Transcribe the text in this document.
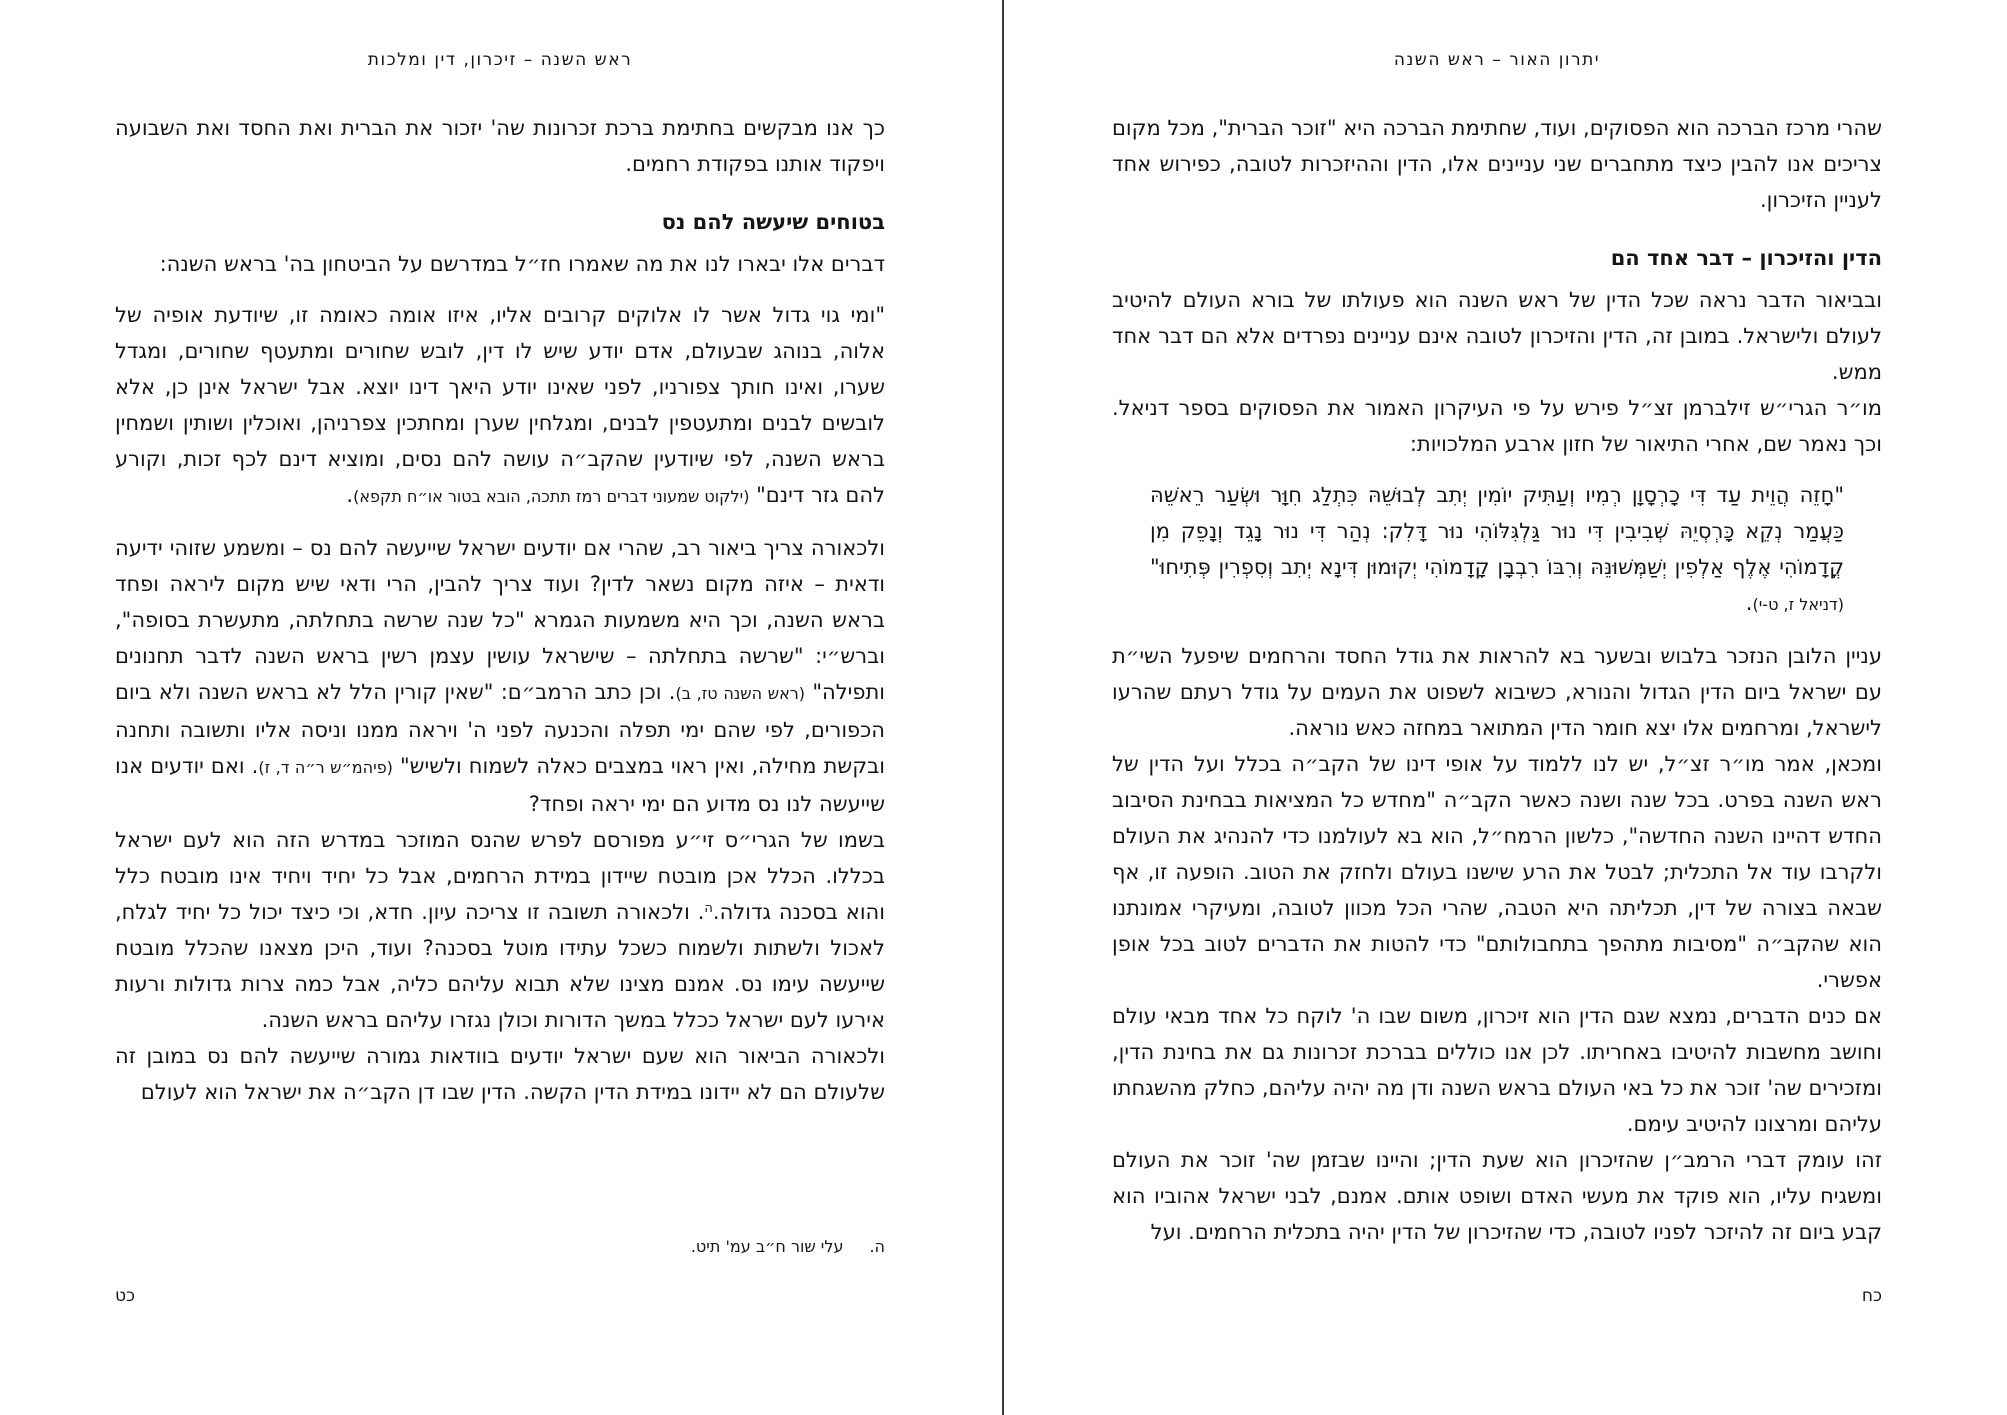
יתרון האור – ראש השנה

שהרי מרכז הברכה הוא הפסוקים, ועוד, שחתימת הברכה היא "זוכר הברית", מכל מקום צריכים אנו להבין כיצד מתחברים שני עניינים אלו, הדין וההיזכרות לטובה, כפירוש אחד לעניין הזיכרון.

הדין והזיכרון – דבר אחד הם

ובביאור הדבר נראה שכל הדין של ראש השנה הוא פעולתו של בורא העולם להיטיב לעולם ולישראל. במובן זה, הדין והזיכרון לטובה אינם עניינים נפרדים אלא הם דבר אחד ממש.

מו״ר הגרי״ש זילברמן זצ״ל פירש על פי העיקרון האמור את הפסוקים בספר דניאל. וכך נאמר שם, אחרי התיאור של חזון ארבע המלכויות:

"חָזֵה הֲוֵית עַד דִּי כָרְסָוָן רְמִיו וְעַתִּיק יוֹמִין יְתִב לְבוּשֵׁהּ כִּתְלַג חִוָּר וּשְׂעַר רֵאשֵׁהּ כַּעֲמַר נְקֵא כָּרְסְיֵהּ שְׁבִיבִין דִּי נוּר גַּלְגִּלּוֹהִי נוּר דָּלִק: נְהַר דִּי נוּר נָגֵד וְנָפֵק מִן קֳדָמוֹהִי אֶלֶף אַלְפִין יְשַׁמְּשׁוּנֵּהּ וְרִבּוֹ רִבְבָן קָדָמוֹהִי יְקוּמוּן דִּינָא יְתִב וְסִפְרִין פְּתִיחוּ" (דניאל ז, ט-י).

עניין הלובן הנזכר בלבוש ובשער בא להראות את גודל החסד והרחמים שיפעל השי״ת עם ישראל ביום הדין הגדול והנורא, כשיבוא לשפוט את העמים על גודל רעתם שהרעו לישראל, ומרחמים אלו יצא חומר הדין המתואר במחזה כאש נוראה.

ומכאן, אמר מו״ר זצ״ל, יש לנו ללמוד על אופי דינו של הקב״ה בכלל ועל הדין של ראש השנה בפרט. בכל שנה ושנה כאשר הקב״ה "מחדש כל המציאות בבחינת הסיבוב החדש דהיינו השנה החדשה", כלשון הרמח״ל, הוא בא לעולמנו כדי להנהיג את העולם ולקרבו עוד אל התכלית; לבטל את הרע שישנו בעולם ולחזק את הטוב. הופעה זו, אף שבאה בצורה של דין, תכליתה היא הטבה, שהרי הכל מכוון לטובה, ומעיקרי אמונתנו הוא שהקב״ה "מסיבות מתהפך בתחבולותם" כדי להטות את הדברים לטוב בכל אופן אפשרי.

אם כנים הדברים, נמצא שגם הדין הוא זיכרון, משום שבו ה' לוקח כל אחד מבאי עולם וחושב מחשבות להיטיבו באחריתו. לכן אנו כוללים בברכת זכרונות גם את בחינת הדין, ומזכירים שה' זוכר את כל באי העולם בראש השנה ודן מה יהיה עליהם, כחלק מהשגחתו עליהם ומרצונו להיטיב עימם.

זהו עומק דברי הרמב״ן שהזיכרון הוא שעת הדין; והיינו שבזמן שה' זוכר את העולם ומשגיח עליו, הוא פוקד את מעשי האדם ושופט אותם. אמנם, לבני ישראל אהוביו הוא קבע ביום זה להיזכר לפניו לטובה, כדי שהזיכרון של הדין יהיה בתכלית הרחמים. ועל

כח
ראש השנה – זיכרון, דין ומלכות

כך אנו מבקשים בחתימת ברכת זכרונות שה' יזכור את הברית ואת החסד ואת השבועה ויפקוד אותנו בפקודת רחמים.

בטוחים שיעשה להם נס

דברים אלו יבארו לנו את מה שאמרו חז״ל במדרשם על הביטחון בה' בראש השנה:

"ומי גוי גדול אשר לו אלוקים קרובים אליו, איזו אומה כאומה זו, שיודעת אופיה של אלוה, בנוהג שבעולם, אדם יודע שיש לו דין, לובש שחורים ומתעטף שחורים, ומגדל שערו, ואינו חותך צפורניו, לפני שאינו יודע היאך דינו יוצא. אבל ישראל אינן כן, אלא לובשים לבנים ומתעטפין לבנים, ומגלחין שערן ומחתכין צפרניהן, ואוכלין ושותין ושמחין בראש השנה, לפי שיודעין שהקב״ה עושה להם נסים, ומוציא דינם לכף זכות, וקורע להם גזר דינם" (ילקוט שמעוני דברים רמז תתכה, הובא בטור או״ח תקפא).

ולכאורה צריך ביאור רב, שהרי אם יודעים ישראל שייעשה להם נס – ומשמע שזוהי ידיעה ודאית – איזה מקום נשאר לדין? ועוד צריך להבין, הרי ודאי שיש מקום ליראה ופחד בראש השנה, וכך היא משמעות הגמרא "כל שנה שרשה בתחלתה, מתעשרת בסופה", וברש״י: "שרשה בתחלתה – שישראל עושין עצמן רשין בראש השנה לדבר תחנונים ותפילה" (ראש השנה טז, ב). וכן כתב הרמב״ם: "שאין קורין הלל לא בראש השנה ולא ביום הכפורים, לפי שהם ימי תפלה והכנעה לפני ה' ויראה ממנו וניסה אליו ותשובה ותחנה ובקשת מחילה, ואין ראוי במצבים כאלה לשמוח ולשיש" (פיהמ״ש ר״ה ד, ז). ואם יודעים אנו שייעשה לנו נס מדוע הם ימי יראה ופחד?

בשמו של הגרי״ס זי״ע מפורסם לפרש שהנס המוזכר במדרש הזה הוא לעם ישראל בכללו. הכלל אכן מובטח שיידון במידת הרחמים, אבל כל יחיד ויחיד אינו מובטח כלל והוא בסכנה גדולה.$^ה$. ולכאורה תשובה זו צריכה עיון. חדא, וכי כיצד יכול כל יחיד לגלח, לאכול ולשתות ולשמוח כשכל עתידו מוטל בסכנה? ועוד, היכן מצאנו שהכלל מובטח שייעשה עימו נס. אמנם מצינו שלא תבוא עליהם כליה, אבל כמה צרות גדולות ורעות אירעו לעם ישראל ככלל במשך הדורות וכולן נגזרו עליהם בראש השנה.

ולכאורה הביאור הוא שעם ישראל יודעים בוודאות גמורה שייעשה להם נס במובן זה שלעולם הם לא יידונו במידת הדין הקשה. הדין שבו דן הקב״ה את ישראל הוא לעולם

ה.עלי שור ח״ב עמ' תיט.
כט
